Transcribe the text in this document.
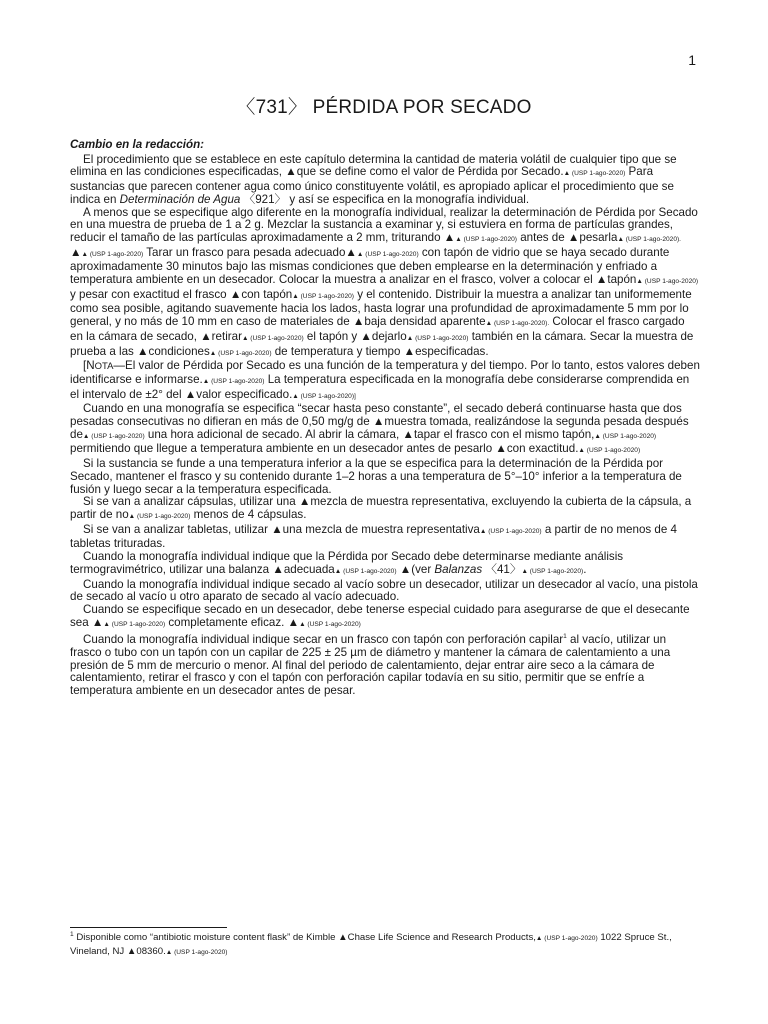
1
〈731〉 PÉRDIDA POR SECADO

Cambio en la redacción:

El procedimiento que se establece en este capítulo determina la cantidad de materia volátil de cualquier tipo que se elimina en las condiciones especificadas, ▲que se define como el valor de Pérdida por Secado.▲ (USP 1-ago-2020) Para sustancias que parecen contener agua como único constituyente volátil, es apropiado aplicar el procedimiento que se indica en Determinación de Agua 〈921〉 y así se especifica en la monografía individual.

A menos que se especifique algo diferente en la monografía individual, realizar la determinación de Pérdida por Secado en una muestra de prueba de 1 a 2 g. Mezclar la sustancia a examinar y, si estuviera en forma de partículas grandes, reducir el tamaño de las partículas aproximadamente a 2 mm, triturando ▲▲ (USP 1-ago-2020) antes de ▲pesarla▲ (USP 1-ago-2020). ▲▲ (USP 1-ago-2020) Tarar un frasco para pesada adecuado▲▲ (USP 1-ago-2020) con tapón de vidrio que se haya secado durante aproximadamente 30 minutos bajo las mismas condiciones que deben emplearse en la determinación y enfriado a temperatura ambiente en un desecador. Colocar la muestra a analizar en el frasco, volver a colocar el ▲tapón▲ (USP 1-ago-2020) y pesar con exactitud el frasco ▲con tapón▲ (USP 1-ago-2020) y el contenido. Distribuir la muestra a analizar tan uniformemente como sea posible, agitando suavemente hacia los lados, hasta lograr una profundidad de aproximadamente 5 mm por lo general, y no más de 10 mm en caso de materiales de ▲baja densidad aparente▲ (USP 1-ago-2020). Colocar el frasco cargado en la cámara de secado, ▲retirar▲ (USP 1-ago-2020) el tapón y ▲dejarlo▲ (USP 1-ago-2020) también en la cámara. Secar la muestra de prueba a las ▲condiciones▲ (USP 1-ago-2020) de temperatura y tiempo ▲especificadas.

[NOTA—El valor de Pérdida por Secado es una función de la temperatura y del tiempo. Por lo tanto, estos valores deben identificarse e informarse.▲ (USP 1-ago-2020) La temperatura especificada en la monografía debe considerarse comprendida en el intervalo de ±2° del ▲valor especificado.▲ (USP 1-ago-2020)]

Cuando en una monografía se especifica “secar hasta peso constante”, el secado deberá continuarse hasta que dos pesadas consecutivas no difieran en más de 0,50 mg/g de ▲muestra tomada, realizándose la segunda pesada después de▲ (USP 1-ago-2020) una hora adicional de secado. Al abrir la cámara, ▲tapar el frasco con el mismo tapón,▲ (USP 1-ago-2020) permitiendo que llegue a temperatura ambiente en un desecador antes de pesarlo ▲con exactitud.▲ (USP 1-ago-2020)

Si la sustancia se funde a una temperatura inferior a la que se especifica para la determinación de la Pérdida por Secado, mantener el frasco y su contenido durante 1–2 horas a una temperatura de 5°–10° inferior a la temperatura de fusión y luego secar a la temperatura especificada.

Si se van a analizar cápsulas, utilizar una ▲mezcla de muestra representativa, excluyendo la cubierta de la cápsula, a partir de no▲ (USP 1-ago-2020) menos de 4 cápsulas.

Si se van a analizar tabletas, utilizar ▲una mezcla de muestra representativa▲ (USP 1-ago-2020) a partir de no menos de 4 tabletas trituradas.

Cuando la monografía individual indique que la Pérdida por Secado debe determinarse mediante análisis termogravimétrico, utilizar una balanza ▲adecuada▲ (USP 1-ago-2020) ▲(ver Balanzas 〈41〉▲ (USP 1-ago-2020).

Cuando la monografía individual indique secado al vacío sobre un desecador, utilizar un desecador al vacío, una pistola de secado al vacío u otro aparato de secado al vacío adecuado.

Cuando se especifique secado en un desecador, debe tenerse especial cuidado para asegurarse de que el desecante sea ▲▲ (USP 1-ago-2020) completamente eficaz. ▲▲ (USP 1-ago-2020)

Cuando la monografía individual indique secar en un frasco con tapón con perforación capilar$^1$ al vacío, utilizar un frasco o tubo con un tapón con un capilar de 225 ± 25 µm de diámetro y mantener la cámara de calentamiento a una presión de 5 mm de mercurio o menor. Al final del periodo de calentamiento, dejar entrar aire seco a la cámara de calentamiento, retirar el frasco y con el tapón con perforación capilar todavía en su sitio, permitir que se enfríe a temperatura ambiente en un desecador antes de pesar.

$^1$ Disponible como “antibiotic moisture content flask” de Kimble ▲Chase Life Science and Research Products,▲ (USP 1-ago-2020) 1022 Spruce St., Vineland, NJ ▲08360.▲ (USP 1-ago-2020)
